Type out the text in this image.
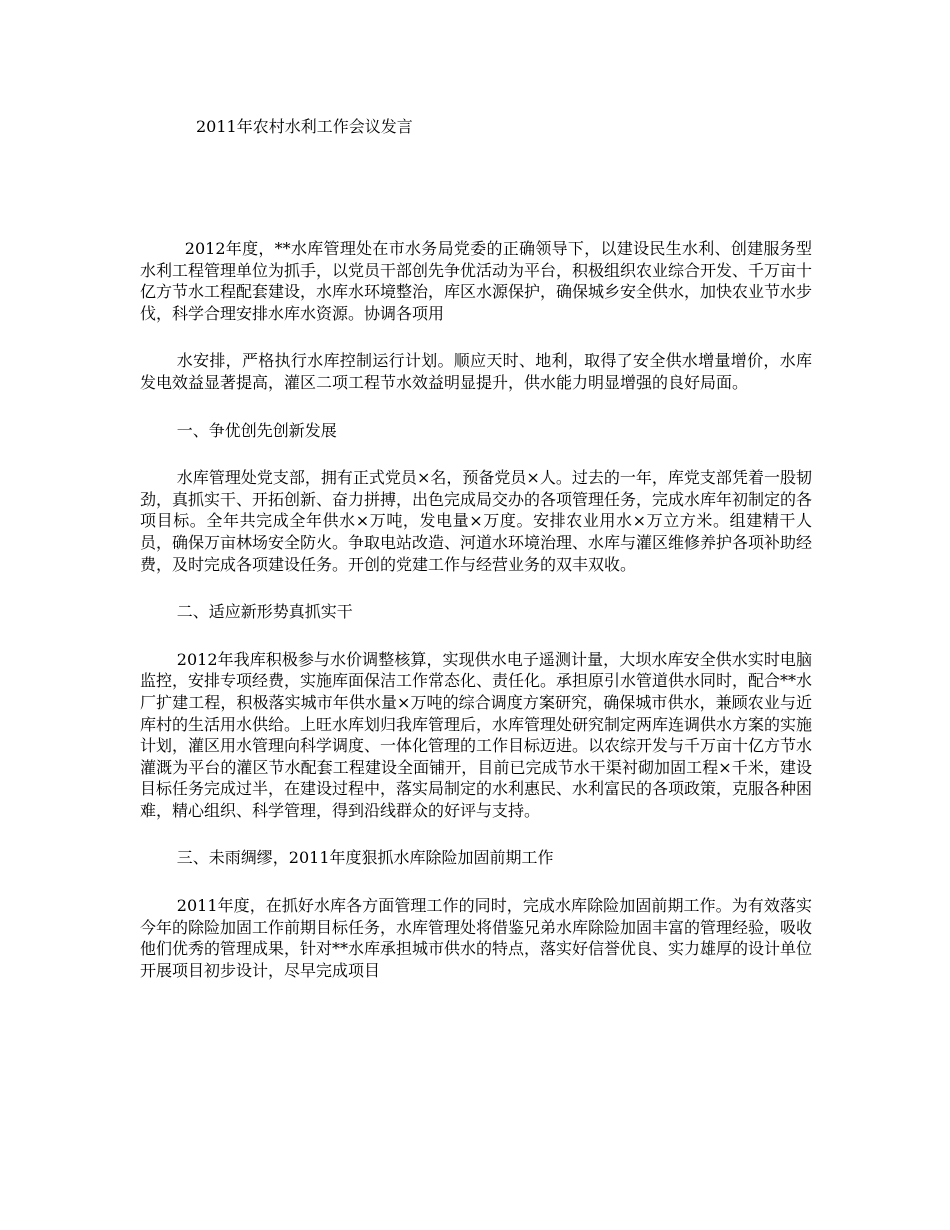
2011年农村水利工作会议发言

2012年度，**水库管理处在市水务局党委的正确领导下，以建设民生水利、创建服务型水利工程管理单位为抓手，以党员干部创先争优活动为平台，积极组织农业综合开发、千万亩十亿方节水工程配套建设，水库水环境整治，库区水源保护，确保城乡安全供水，加快农业节水步伐，科学合理安排水库水资源。协调各项用

水安排，严格执行水库控制运行计划。顺应天时、地利，取得了安全供水增量增价，水库发电效益显著提高，灌区二项工程节水效益明显提升，供水能力明显增强的良好局面。

一、争优创先创新发展

水库管理处党支部，拥有正式党员×名，预备党员×人。过去的一年，库党支部凭着一股韧劲，真抓实干、开拓创新、奋力拼搏，出色完成局交办的各项管理任务，完成水库年初制定的各项目标。全年共完成全年供水×万吨，发电量×万度。安排农业用水×万立方米。组建精干人员，确保万亩林场安全防火。争取电站改造、河道水环境治理、水库与灌区维修养护各项补助经费，及时完成各项建设任务。开创的党建工作与经营业务的双丰双收。

二、适应新形势真抓实干

2012年我库积极参与水价调整核算，实现供水电子遥测计量，大坝水库安全供水实时电脑监控，安排专项经费，实施库面保洁工作常态化、责任化。承担原引水管道供水同时，配合**水厂扩建工程，积极落实城市年供水量×万吨的综合调度方案研究，确保城市供水，兼顾农业与近库村的生活用水供给。上旺水库划归我库管理后，水库管理处研究制定两库连调供水方案的实施计划，灌区用水管理向科学调度、一体化管理的工作目标迈进。以农综开发与千万亩十亿方节水灌溉为平台的灌区节水配套工程建设全面铺开，目前已完成节水干渠衬砌加固工程×千米，建设目标任务完成过半，在建设过程中，落实局制定的水利惠民、水利富民的各项政策，克服各种困难，精心组织、科学管理，得到沿线群众的好评与支持。

三、未雨绸缪，2011年度狠抓水库除险加固前期工作

2011年度，在抓好水库各方面管理工作的同时，完成水库除险加固前期工作。为有效落实今年的除险加固工作前期目标任务，水库管理处将借鉴兄弟水库除险加固丰富的管理经验，吸收他们优秀的管理成果，针对**水库承担城市供水的特点，落实好信誉优良、实力雄厚的设计单位开展项目初步设计，尽早完成项目
